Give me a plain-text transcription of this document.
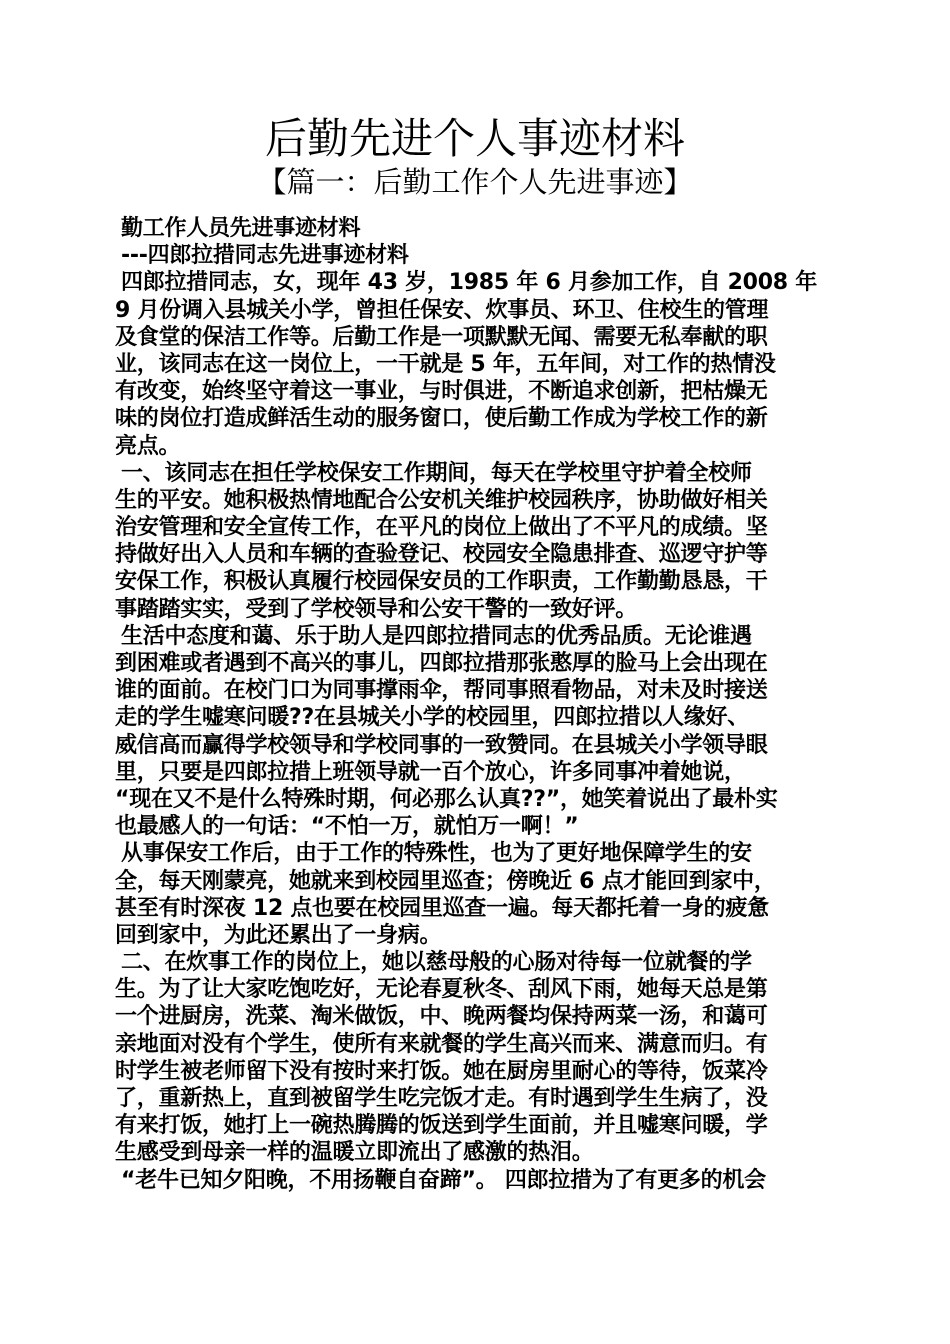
后勤先进个人事迹材料
【篇一：后勤工作个人先进事迹】
勤工作人员先进事迹材料
---四郎拉措同志先进事迹材料
四郎拉措同志，女，现年 43 岁，1985 年 6 月参加工作，自 2008 年
9 月份调入县城关小学，曾担任保安、炊事员、环卫、住校生的管理
及食堂的保洁工作等。后勤工作是一项默默无闻、需要无私奉献的职
业，该同志在这一岗位上，一干就是 5 年，五年间，对工作的热情没
有改变，始终坚守着这一事业，与时俱进，不断追求创新，把枯燥无
味的岗位打造成鲜活生动的服务窗口，使后勤工作成为学校工作的新
亮点。
一、该同志在担任学校保安工作期间，每天在学校里守护着全校师
生的平安。她积极热情地配合公安机关维护校园秩序，协助做好相关
治安管理和安全宣传工作，在平凡的岗位上做出了不平凡的成绩。坚
持做好出入人员和车辆的查验登记、校园安全隐患排查、巡逻守护等
安保工作，积极认真履行校园保安员的工作职责，工作勤勤恳恳，干
事踏踏实实，受到了学校领导和公安干警的一致好评。
生活中态度和蔼、乐于助人是四郎拉措同志的优秀品质。无论谁遇
到困难或者遇到不高兴的事儿，四郎拉措那张憨厚的脸马上会出现在
谁的面前。在校门口为同事撑雨伞，帮同事照看物品，对未及时接送
走的学生嘘寒问暖??在县城关小学的校园里，四郎拉措以人缘好、
威信高而赢得学校领导和学校同事的一致赞同。在县城关小学领导眼
里，只要是四郎拉措上班领导就一百个放心，许多同事冲着她说，
“现在又不是什么特殊时期，何必那么认真??”，她笑着说出了最朴实
也最感人的一句话：“不怕一万，就怕万一啊！”
从事保安工作后，由于工作的特殊性，也为了更好地保障学生的安
全，每天刚蒙亮，她就来到校园里巡查；傍晚近 6 点才能回到家中，
甚至有时深夜 12 点也要在校园里巡查一遍。每天都托着一身的疲惫
回到家中，为此还累出了一身病。
二、在炊事工作的岗位上，她以慈母般的心肠对待每一位就餐的学
生。为了让大家吃饱吃好，无论春夏秋冬、刮风下雨，她每天总是第
一个进厨房，洗菜、淘米做饭，中、晚两餐均保持两菜一汤，和蔼可
亲地面对没有个学生，使所有来就餐的学生高兴而来、满意而归。有
时学生被老师留下没有按时来打饭。她在厨房里耐心的等待，饭菜冷
了，重新热上，直到被留学生吃完饭才走。有时遇到学生生病了，没
有来打饭，她打上一碗热腾腾的饭送到学生面前，并且嘘寒问暖，学
生感受到母亲一样的温暖立即流出了感激的热泪。
“老牛已知夕阳晚，不用扬鞭自奋蹄”。 四郎拉措为了有更多的机会
